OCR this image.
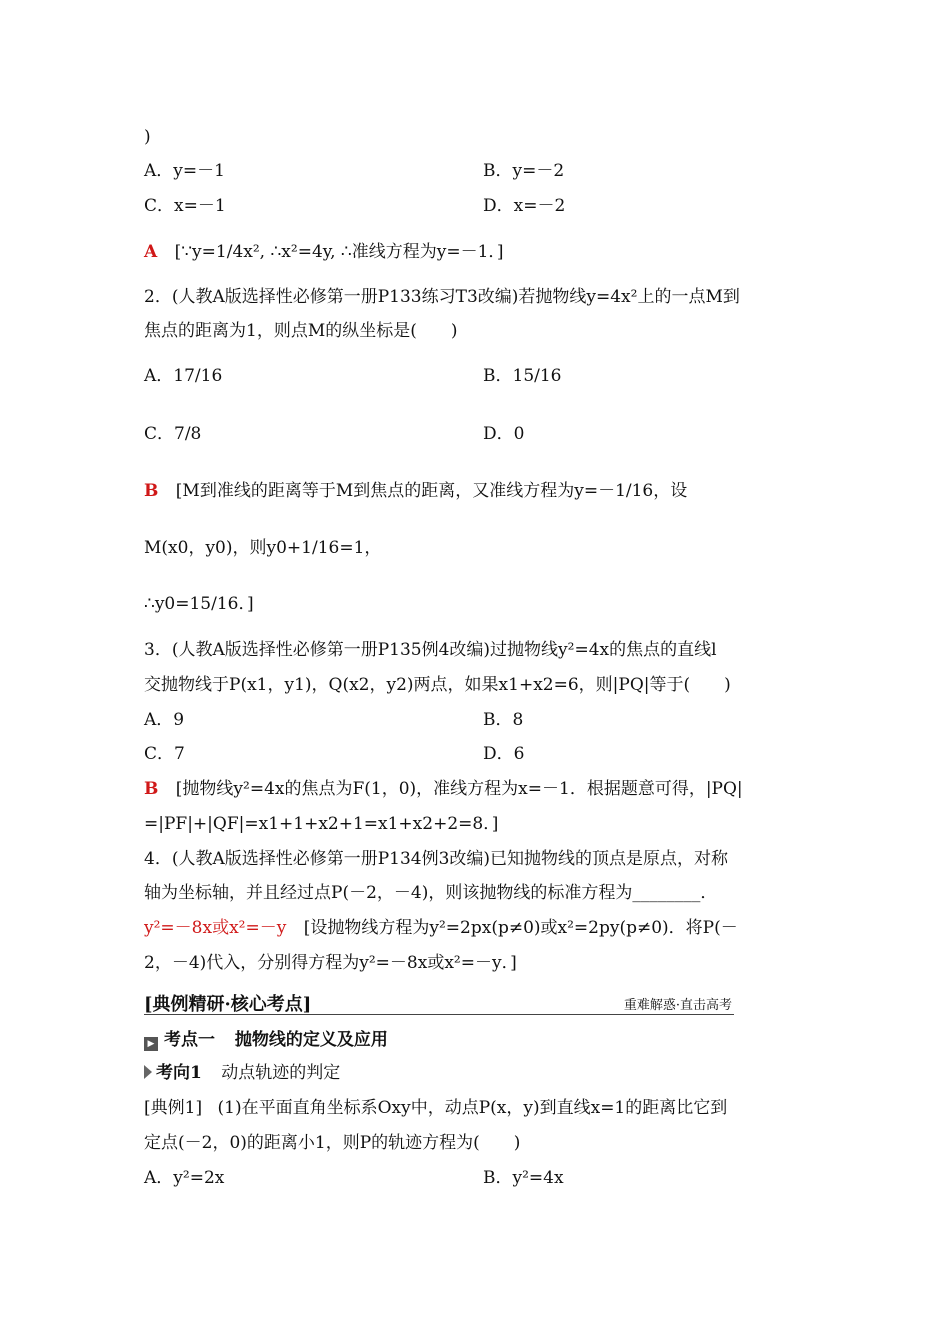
)
A．y=－1	B．y=－2
C．x=－1	D．x=－2
A [∵y=1/4x², ∴x²=4y, ∴准线方程为y=－1．]
2．(人教A版选择性必修第一册P133练习T3改编)若抛物线y=4x²上的一点M到
焦点的距离为1，则点M的纵坐标是(　　)
A．17/16	B．15/16
C．7/8	D．0
B [M到准线的距离等于M到焦点的距离，又准线方程为y=－1/16，设
M(x0，y0)，则y0+1/16=1，
∴y0=15/16．]
3．(人教A版选择性必修第一册P135例4改编)过抛物线y²=4x的焦点的直线l
交抛物线于P(x1，y1)，Q(x2，y2)两点，如果x1+x2=6，则|PQ|等于(　　)
A．9	B．8
C．7	D．6
B [抛物线y²=4x的焦点为F(1，0)，准线方程为x=－1．根据题意可得，|PQ|
=|PF|+|QF|=x1+1+x2+1=x1+x2+2=8．]
4．(人教A版选择性必修第一册P134例3改编)已知抛物线的顶点是原点，对称
轴为坐标轴，并且经过点P(－2，－4)，则该抛物线的标准方程为________．
y²=－8x或x²=－y [设抛物线方程为y²=2px(p≠0)或x²=2py(p≠0)．将P(－
2，－4)代入，分别得方程为y²=－8x或x²=－y．]
[典例精研·核心考点]	重难解惑·直击高考
▶ 考点一 抛物线的定义及应用
考向1 动点轨迹的判定
[典例1] (1)在平面直角坐标系Oxy中，动点P(x，y)到直线x=1的距离比它到
定点(－2，0)的距离小1，则P的轨迹方程为(　　)
A．y²=2x	B．y²=4x
